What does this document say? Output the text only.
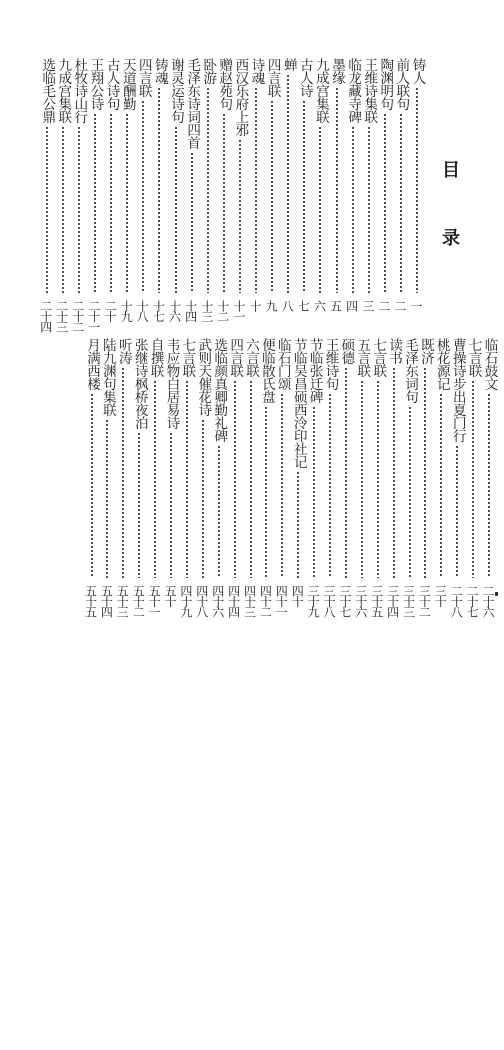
目
录
铸人
一
前人联句
二
陶渊明句
二
王维诗集联
三
临龙藏寺碑
四
墨缘
五
九成宫集联
六
古人诗
七
蝉
八
四言联
九
诗魂
十
西汉乐府上邪
十一
赠赵苑句
十二
卧游
十三
毛泽东诗词四首
十四
谢灵运诗句
十六
铸魂
十七
四言联
十八
天道酬勤
十九
古人诗句
二十
王翔公诗
二十一
杜牧诗山行
二十二
九成宫集联
二十三
选临毛公鼎
二十四
临石鼓文
二十六
七言联
二十七
曹操诗步出夏门行
二十八
桃花源记
三十
既济
三十二
毛泽东词句
三十三
读书
三十四
七言联
三十五
五言联
三十六
硕德
三十七
王维诗句
三十八
节临张迁碑
三十九
节临吴昌硕西泠印社记
四十
临石门颂
四十一
便临散氏盘
四十二
六言联
四十三
四言联
四十四
选临颜真卿勤礼碑
四十六
武则天催花诗
四十八
七言联
四十九
韦应物白居易诗
五十
自撰联
五十一
张继诗枫桥夜泊
五十二
听涛
五十三
陆九渊句集联
五十四
月满西楼
五十五
